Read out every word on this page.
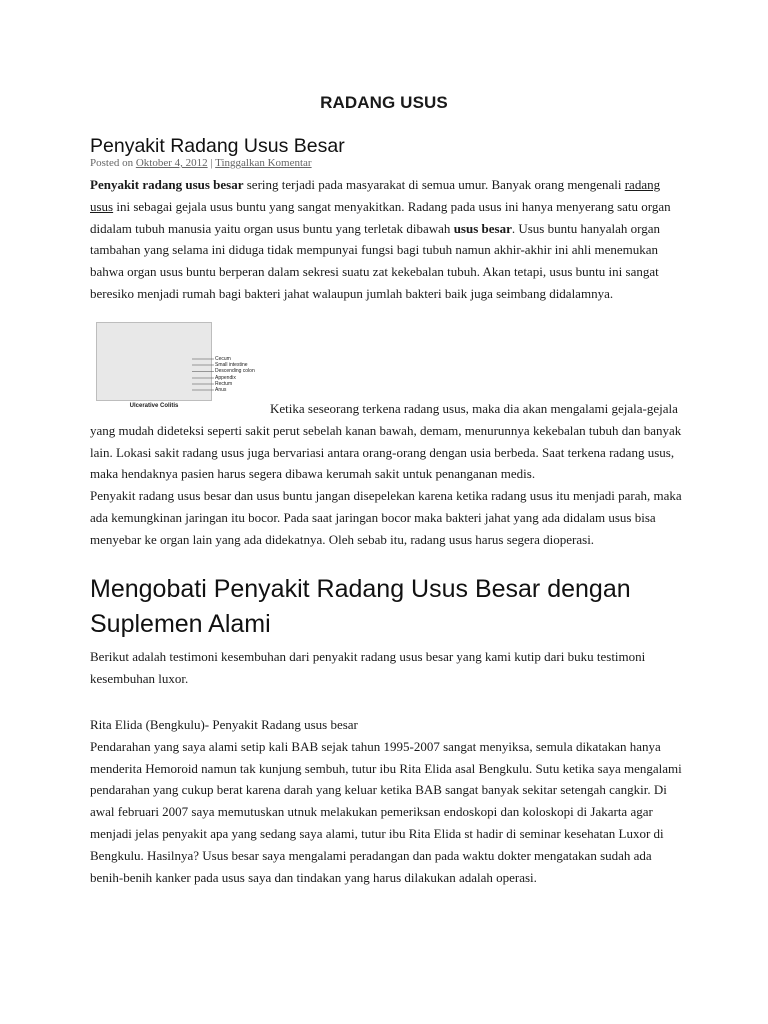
RADANG USUS
Penyakit Radang Usus Besar
Posted on Oktober 4, 2012 | Tinggalkan Komentar

Penyakit radang usus besar sering terjadi pada masyarakat di semua umur. Banyak orang mengenali radang usus ini sebagai gejala usus buntu yang sangat menyakitkan. Radang pada usus ini hanya menyerang satu organ didalam tubuh manusia yaitu organ usus buntu yang terletak dibawah usus besar. Usus buntu hanyalah organ tambahan yang selama ini diduga tidak mempunyai fungsi bagi tubuh namun akhir-akhir ini ahli menemukan bahwa organ usus buntu berperan dalam sekresi suatu zat kekebalan tubuh. Akan tetapi, usus buntu ini sangat beresiko menjadi rumah bagi bakteri jahat walaupun jumlah bakteri baik juga seimbang didalamnya.

Cecum
Small intestine
Descending colon
Appendix
Rectum
Anus
Ulcerative Colitis	Ketika seseorang terkena radang usus, maka dia akan mengalami gejala-gejala yang mudah dideteksi seperti sakit perut sebelah kanan bawah, demam, menurunnya kekebalan tubuh dan banyak lain. Lokasi sakit radang usus juga bervariasi antara orang-orang dengan usia berbeda. Saat terkena radang usus, maka hendaknya pasien harus segera dibawa kerumah sakit untuk penanganan medis.

Penyakit radang usus besar dan usus buntu jangan disepelekan karena ketika radang usus itu menjadi parah, maka ada kemungkinan jaringan itu bocor. Pada saat jaringan bocor maka bakteri jahat yang ada didalam usus bisa menyebar ke organ lain yang ada didekatnya. Oleh sebab itu, radang usus harus segera dioperasi.

Mengobati Penyakit Radang Usus Besar dengan Suplemen Alami

Berikut adalah testimoni kesembuhan dari penyakit radang usus besar yang kami kutip dari buku testimoni kesembuhan luxor.

Rita Elida (Bengkulu)- Penyakit Radang usus besar
Pendarahan yang saya alami setip kali BAB sejak tahun 1995-2007 sangat menyiksa, semula dikatakan hanya menderita Hemoroid namun tak kunjung sembuh, tutur ibu Rita Elida asal Bengkulu. Sutu ketika saya mengalami pendarahan yang cukup berat karena darah yang keluar ketika BAB sangat banyak sekitar setengah cangkir. Di awal februari 2007 saya memutuskan utnuk melakukan pemeriksan endoskopi dan koloskopi di Jakarta agar menjadi jelas penyakit apa yang sedang saya alami, tutur ibu Rita Elida st hadir di seminar kesehatan Luxor di Bengkulu. Hasilnya? Usus besar saya mengalami peradangan dan pada waktu dokter mengatakan sudah ada benih-benih kanker pada usus saya dan tindakan yang harus dilakukan adalah operasi.
